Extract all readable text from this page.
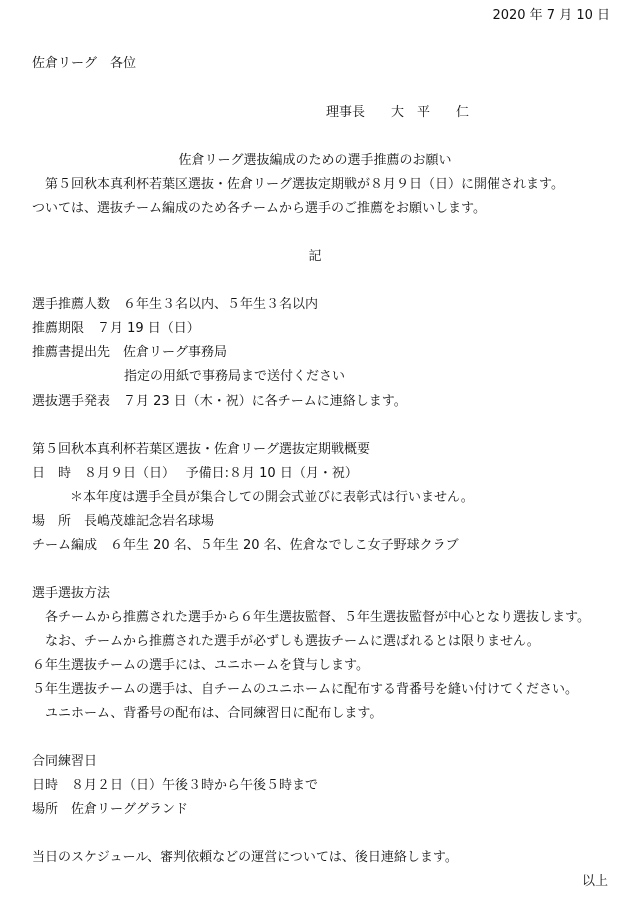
2020 年 7 月 10 日
佐倉リーグ　各位
理事長　　大　平　　仁
佐倉リーグ選抜編成のための選手推薦のお願い
　第５回秋本真利杯若葉区選抜・佐倉リーグ選抜定期戦が８月９日（日）に開催されます。
ついては、選抜チーム編成のため各チームから選手のご推薦をお願いします。
記
選手推薦人数　６年生３名以内、５年生３名以内
推薦期限　７月 19 日（日）
推薦書提出先　佐倉リーグ事務局
指定の用紙で事務局まで送付ください
選抜選手発表　７月 23 日（木・祝）に各チームに連絡します。
第５回秋本真利杯若葉区選抜・佐倉リーグ選抜定期戦概要
日　時　８月９日（日）　 予備日:８月 10 日（月・祝）
＊本年度は選手全員が集合しての開会式並びに表彰式は行いません。
場　所　長嶋茂雄記念岩名球場
チーム編成　６年生 20 名、５年生 20 名、佐倉なでしこ女子野球クラブ
選手選抜方法
各チームから推薦された選手から６年生選抜監督、５年生選抜監督が中心となり選抜します。
なお、チームから推薦された選手が必ずしも選抜チームに選ばれるとは限りません。
６年生選抜チームの選手には、ユニホームを貸与します。
５年生選抜チームの選手は、自チームのユニホームに配布する背番号を縫い付けてください。
ユニホーム、背番号の配布は、合同練習日に配布します。
合同練習日
日時　８月２日（日）午後３時から午後５時まで
場所　佐倉リーググランド
当日のスケジュール、審判依頼などの運営については、後日連絡します。
以上
